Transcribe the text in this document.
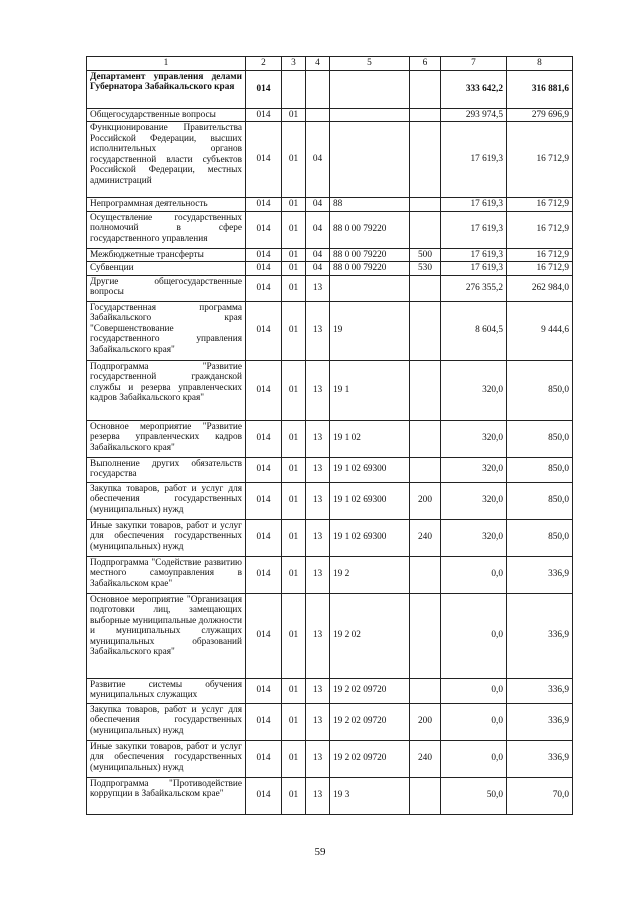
1	2	3	4	5	6	7	8
Департамент управления делами Губернатора Забайкальского края	014					333 642,2	316 881,6
Общегосударственные вопросы	014	01				293 974,5	279 696,9
Функционирование Правительства Российской Федерации, высших исполнительных органов государственной власти субъектов Российской Федерации, местных администраций	014	01	04			17 619,3	16 712,9
Непрограммная деятельность	014	01	04	88		17 619,3	16 712,9
Осуществление государственных полномочий в сфере государственного управления	014	01	04	88 0 00 79220		17 619,3	16 712,9
Межбюджетные трансферты	014	01	04	88 0 00 79220	500	17 619,3	16 712,9
Субвенции	014	01	04	88 0 00 79220	530	17 619,3	16 712,9
Другие общегосударственные вопросы	014	01	13			276 355,2	262 984,0
Государственная программа Забайкальского края "Совершенствование государственного управления Забайкальского края"	014	01	13	19		8 604,5	9 444,6
Подпрограмма "Развитие государственной гражданской службы и резерва управленческих кадров Забайкальского края"	014	01	13	19 1		320,0	850,0
Основное мероприятие "Развитие резерва управленческих кадров Забайкальского края"	014	01	13	19 1 02		320,0	850,0
Выполнение других обязательств государства	014	01	13	19 1 02 69300		320,0	850,0
Закупка товаров, работ и услуг для обеспечения государственных (муниципальных) нужд	014	01	13	19 1 02 69300	200	320,0	850,0
Иные закупки товаров, работ и услуг для обеспечения государственных (муниципальных) нужд	014	01	13	19 1 02 69300	240	320,0	850,0
Подпрограмма "Содействие развитию местного самоуправления в Забайкальском крае"	014	01	13	19 2		0,0	336,9
Основное мероприятие "Организация подготовки лиц, замещающих выборные муниципальные должности и муниципальных служащих муниципальных образований Забайкальского края"	014	01	13	19 2 02		0,0	336,9
Развитие системы обучения муниципальных служащих	014	01	13	19 2 02 09720		0,0	336,9
Закупка товаров, работ и услуг для обеспечения государственных (муниципальных) нужд	014	01	13	19 2 02 09720	200	0,0	336,9
Иные закупки товаров, работ и услуг для обеспечения государственных (муниципальных) нужд	014	01	13	19 2 02 09720	240	0,0	336,9
Подпрограмма "Противодействие коррупции в Забайкальском крае"	014	01	13	19 3		50,0	70,0
59
